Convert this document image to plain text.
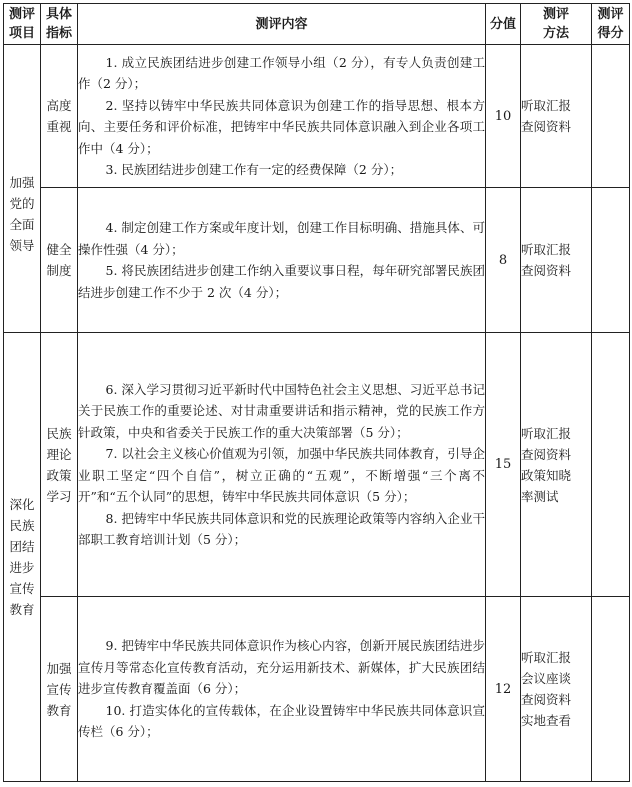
测评项目	具体指标	测评内容	分值	测评方法	测评得分
加强党的全面领导	高度重视	1. 成立民族团结进步创建工作领导小组（2 分），有专人负责创建工作（2 分）；

2. 坚持以铸牢中华民族共同体意识为创建工作的指导思想、根本方向、主要任务和评价标准，把铸牢中华民族共同体意识融入到企业各项工作中（4 分）；

3. 民族团结进步创建工作有一定的经费保障（2 分）；	10	听取汇报查阅资料	
	健全制度	4. 制定创建工作方案或年度计划，创建工作目标明确、措施具体、可操作性强（4 分）；

5. 将民族团结进步创建工作纳入重要议事日程，每年研究部署民族团结进步创建工作不少于 2 次（4 分）；	8	听取汇报查阅资料	
深化民族团结进步宣传教育	民族理论政策学习	6. 深入学习贯彻习近平新时代中国特色社会主义思想、习近平总书记关于民族工作的重要论述、对甘肃重要讲话和指示精神，党的民族工作方针政策，中央和省委关于民族工作的重大决策部署（5 分）；

7. 以社会主义核心价值观为引领，加强中华民族共同体教育，引导企业职工坚定“四个自信”，树立正确的“五观”，不断增强“三个离不开”和“五个认同”的思想，铸牢中华民族共同体意识（5 分）；

8. 把铸牢中华民族共同体意识和党的民族理论政策等内容纳入企业干部职工教育培训计划（5 分）；	15	听取汇报查阅资料政策知晓率测试	
	加强宣传教育	9. 把铸牢中华民族共同体意识作为核心内容，创新开展民族团结进步宣传月等常态化宣传教育活动，充分运用新技术、新媒体，扩大民族团结进步宣传教育覆盖面（6 分）；

10. 打造实体化的宣传载体，在企业设置铸牢中华民族共同体意识宣传栏（6 分）；	12	听取汇报会议座谈查阅资料实地查看	
